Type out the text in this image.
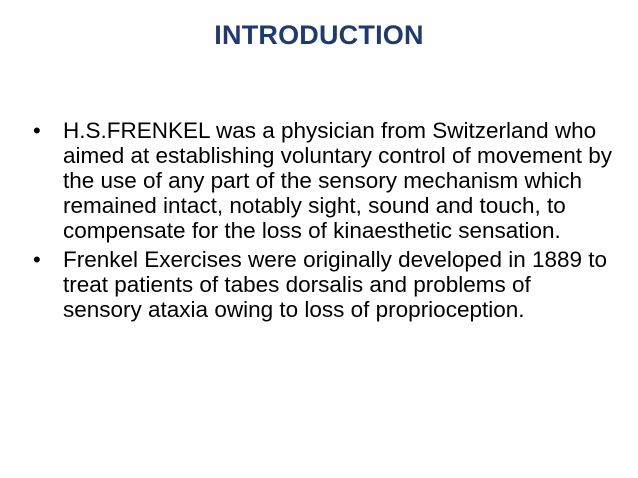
INTRODUCTION
• H.S.FRENKEL was a physician from Switzerland who aimed at establishing voluntary control of movement by the use of any part of the sensory mechanism which remained intact, notably sight, sound and touch, to compensate for the loss of kinaesthetic sensation.
• Frenkel Exercises were originally developed in 1889 to treat patients of tabes dorsalis and problems of sensory ataxia owing to loss of proprioception.
